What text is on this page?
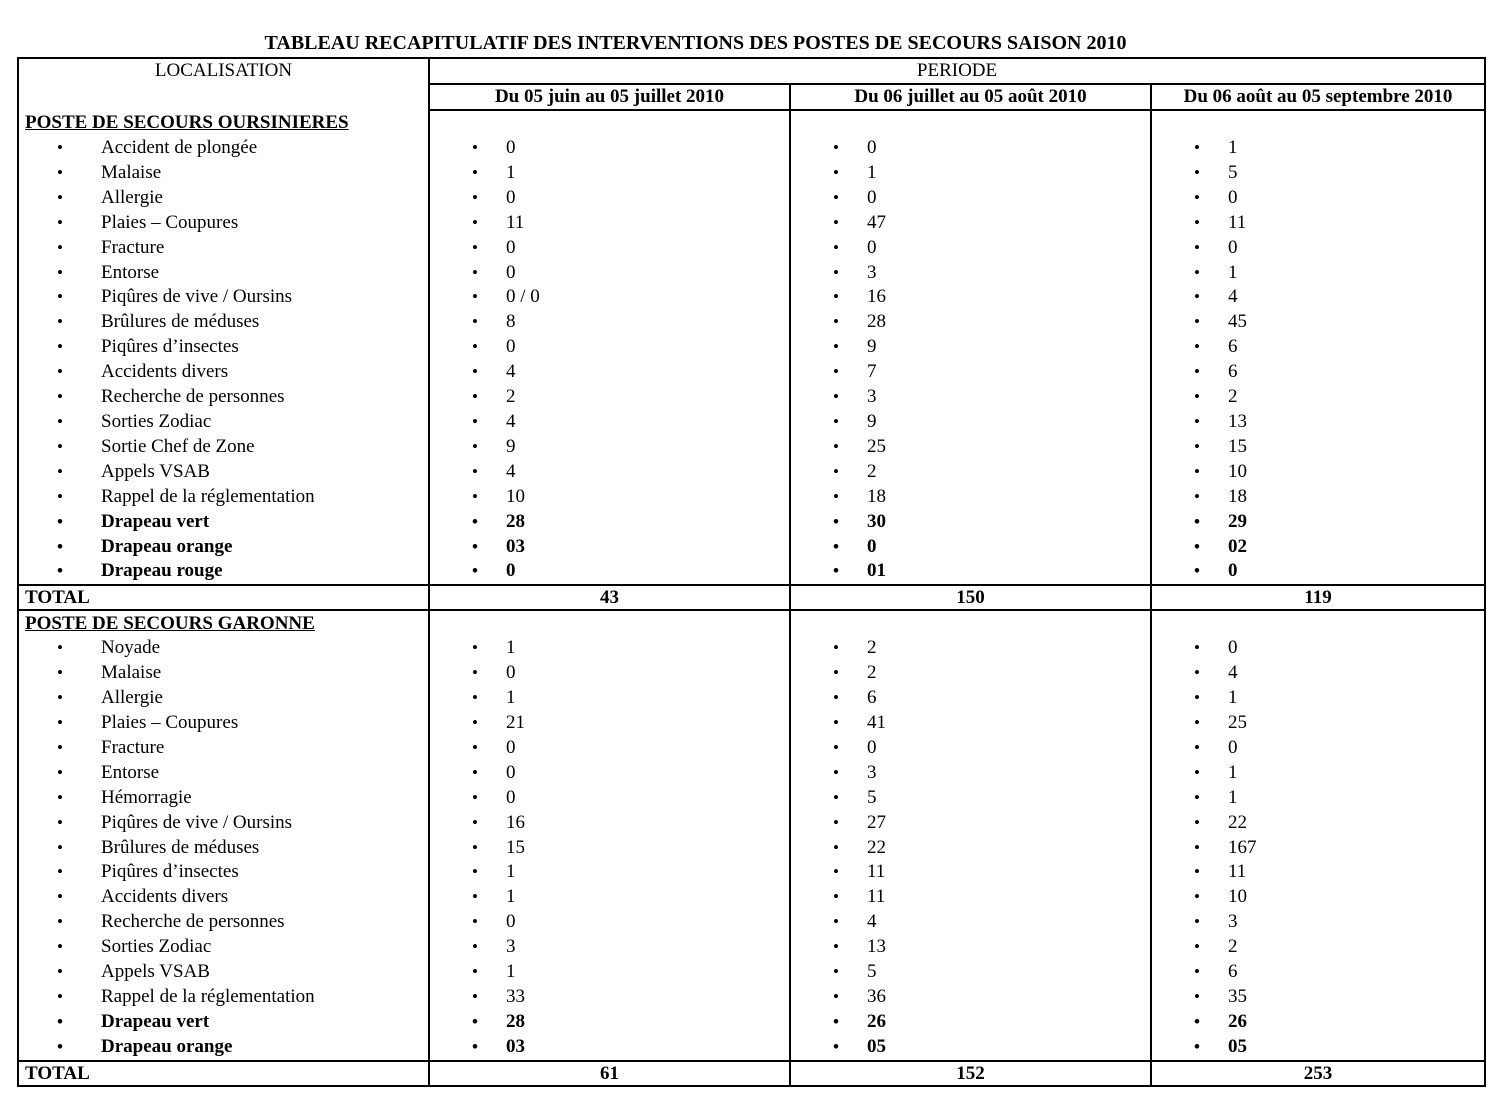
TABLEAU RECAPITULATIF DES INTERVENTIONS DES POSTES DE SECOURS SAISON 2010
LOCALISATION	PERIODE		
	Du 05 juin au 05 juillet 2010	Du 06 juillet au 05 août 2010	Du 06 août au 05 septembre 2010
POSTE DE SECOURS OURSINIERES			
• Accident de plongée	• 0	• 0	• 1
• Malaise	• 1	• 1	• 5
• Allergie	• 0	• 0	• 0
• Plaies – Coupures	• 11	• 47	• 11
• Fracture	• 0	• 0	• 0
• Entorse	• 0	• 3	• 1
• Piqûres de vive / Oursins	• 0 / 0	• 16	• 4
• Brûlures de méduses	• 8	• 28	• 45
• Piqûres d’insectes	• 0	• 9	• 6
• Accidents divers	• 4	• 7	• 6
• Recherche de personnes	• 2	• 3	• 2
• Sorties Zodiac	• 4	• 9	• 13
• Sortie Chef de Zone	• 9	• 25	• 15
• Appels VSAB	• 4	• 2	• 10
• Rappel de la réglementation	• 10	• 18	• 18
• Drapeau vert	• 28	• 30	• 29
• Drapeau orange	• 03	• 0	• 02
• Drapeau rouge	• 0	• 01	• 0
TOTAL	43	150	119
POSTE DE SECOURS GARONNE			
• Noyade	• 1	• 2	• 0
• Malaise	• 0	• 2	• 4
• Allergie	• 1	• 6	• 1
• Plaies – Coupures	• 21	• 41	• 25
• Fracture	• 0	• 0	• 0
• Entorse	• 0	• 3	• 1
• Hémorragie	• 0	• 5	• 1
• Piqûres de vive / Oursins	• 16	• 27	• 22
• Brûlures de méduses	• 15	• 22	• 167
• Piqûres d’insectes	• 1	• 11	• 11
• Accidents divers	• 1	• 11	• 10
• Recherche de personnes	• 0	• 4	• 3
• Sorties Zodiac	• 3	• 13	• 2
• Appels VSAB	• 1	• 5	• 6
• Rappel de la réglementation	• 33	• 36	• 35
• Drapeau vert	• 28	• 26	• 26
• Drapeau orange	• 03	• 05	• 05
TOTAL	61	152	253
